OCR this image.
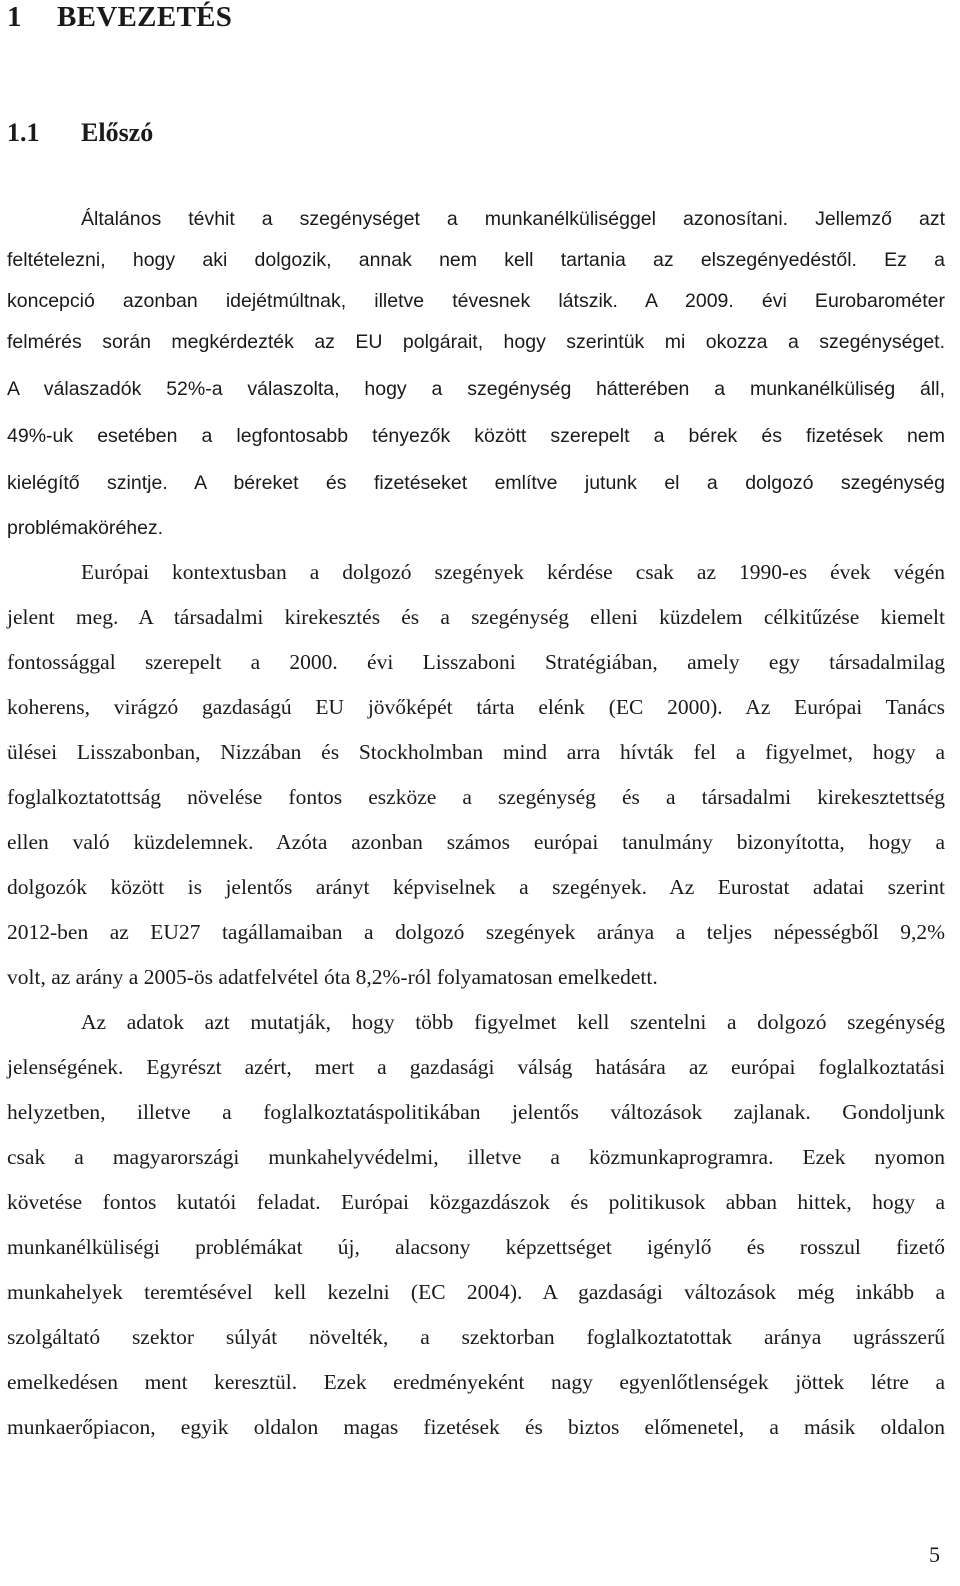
1 BEVEZETÉS
1.1 Előszó
Általános tévhit a szegénységet a munkanélküliséggel azonosítani. Jellemző azt
feltételezni, hogy aki dolgozik, annak nem kell tartania az elszegényedéstől. Ez a
koncepció azonban idejétmúltnak, illetve tévesnek látszik. A 2009. évi Eurobarométer
felmérés során megkérdezték az EU polgárait, hogy szerintük mi okozza a szegénységet.
A válaszadók 52%-a válaszolta, hogy a szegénység hátterében a munkanélküliség áll,
49%-uk esetében a legfontosabb tényezők között szerepelt a bérek és fizetések nem
kielégítő szintje. A béreket és fizetéseket említve jutunk el a dolgozó szegénység
problémaköréhez.
Európai kontextusban a dolgozó szegények kérdése csak az 1990-es évek végén
jelent meg. A társadalmi kirekesztés és a szegénység elleni küzdelem célkitűzése kiemelt
fontossággal szerepelt a 2000. évi Lisszaboni Stratégiában, amely egy társadalmilag
koherens, virágzó gazdaságú EU jövőképét tárta elénk (EC 2000). Az Európai Tanács
ülései Lisszabonban, Nizzában és Stockholmban mind arra hívták fel a figyelmet, hogy a
foglalkoztatottság növelése fontos eszköze a szegénység és a társadalmi kirekesztettség
ellen való küzdelemnek. Azóta azonban számos európai tanulmány bizonyította, hogy a
dolgozók között is jelentős arányt képviselnek a szegények. Az Eurostat adatai szerint
2012-ben az EU27 tagállamaiban a dolgozó szegények aránya a teljes népességből 9,2%
volt, az arány a 2005-ös adatfelvétel óta 8,2%-ról folyamatosan emelkedett.
Az adatok azt mutatják, hogy több figyelmet kell szentelni a dolgozó szegénység
jelenségének. Egyrészt azért, mert a gazdasági válság hatására az európai foglalkoztatási
helyzetben, illetve a foglalkoztatáspolitikában jelentős változások zajlanak. Gondoljunk
csak a magyarországi munkahelyvédelmi, illetve a közmunkaprogramra. Ezek nyomon
követése fontos kutatói feladat. Európai közgazdászok és politikusok abban hittek, hogy a
munkanélküliségi problémákat új, alacsony képzettséget igénylő és rosszul fizető
munkahelyek teremtésével kell kezelni (EC 2004). A gazdasági változások még inkább a
szolgáltató szektor súlyát növelték, a szektorban foglalkoztatottak aránya ugrásszerű
emelkedésen ment keresztül. Ezek eredményeként nagy egyenlőtlenségek jöttek létre a
munkaerőpiacon, egyik oldalon magas fizetések és biztos előmenetel, a másik oldalon
5
